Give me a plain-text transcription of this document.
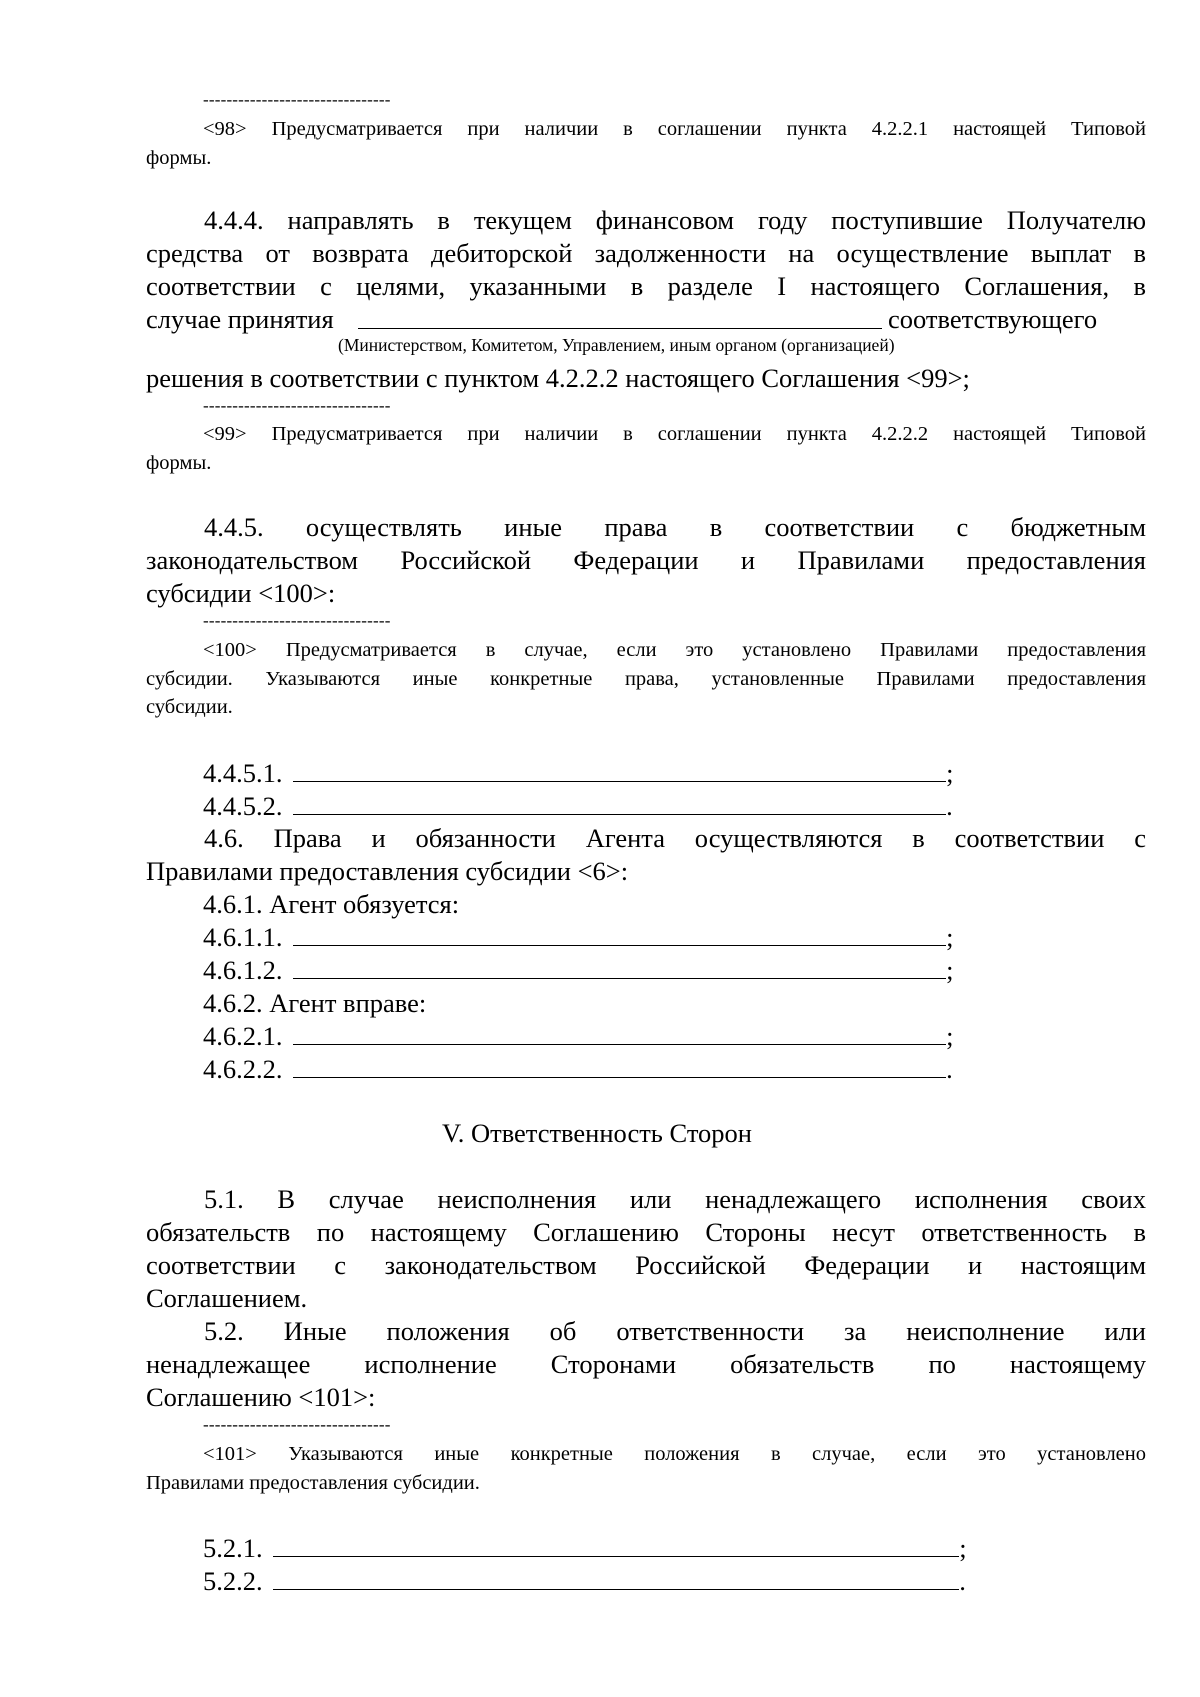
--------------------------------
<98> Предусматривается при наличии в соглашении пункта 4.2.2.1 настоящей Типовой
формы.
4.4.4. направлять в текущем финансовом году поступившие Получателю
средства от возврата дебиторской задолженности на осуществление выплат в
соответствии с целями, указанными в разделе I настоящего Соглашения, в
случае принятия	соответствующего
(Министерством, Комитетом, Управлением, иным органом (организацией)
решения в соответствии с пунктом 4.2.2.2 настоящего Соглашения <99>;
--------------------------------
<99> Предусматривается при наличии в соглашении пункта 4.2.2.2 настоящей Типовой
формы.
4.4.5. осуществлять иные права в соответствии с бюджетным
законодательством Российской Федерации и Правилами предоставления
субсидии <100>:
--------------------------------
<100> Предусматривается в случае, если это установлено Правилами предоставления
субсидии. Указываются иные конкретные права, установленные Правилами предоставления
субсидии.
4.4.5.1.	;
4.4.5.2.	.
4.6. Права и обязанности Агента осуществляются в соответствии с
Правилами предоставления субсидии <6>:
4.6.1. Агент обязуется:
4.6.1.1.	;
4.6.1.2.	;
4.6.2. Агент вправе:
4.6.2.1.	;
4.6.2.2.	.
V. Ответственность Сторон
5.1. В случае неисполнения или ненадлежащего исполнения своих
обязательств по настоящему Соглашению Стороны несут ответственность в
соответствии с законодательством Российской Федерации и настоящим
Соглашением.
5.2. Иные положения об ответственности за неисполнение или
ненадлежащее исполнение Сторонами обязательств по настоящему
Соглашению <101>:
--------------------------------
<101> Указываются иные конкретные положения в случае, если это установлено
Правилами предоставления субсидии.
5.2.1.	;
5.2.2.	.
